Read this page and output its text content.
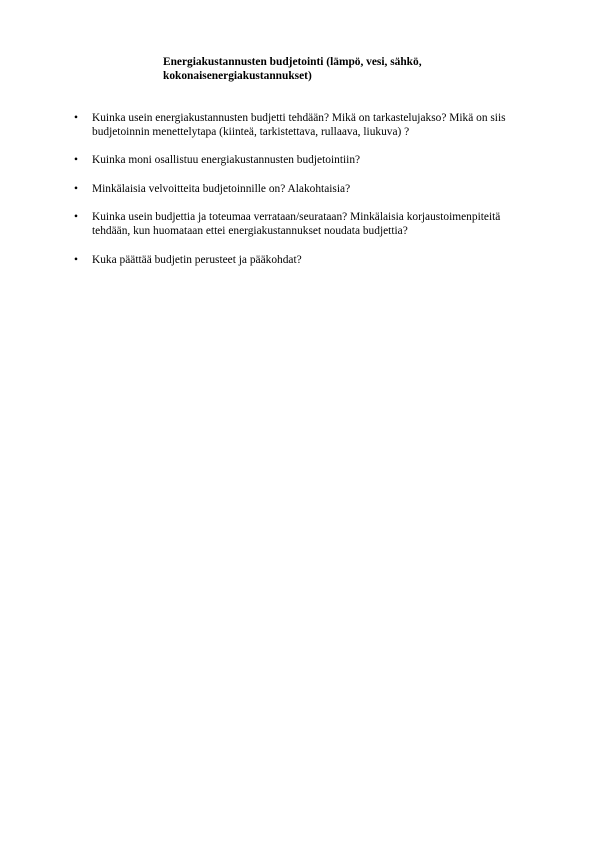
Energiakustannusten budjetointi (lämpö, vesi, sähkö,
kokonaisenergiakustannukset)
•	Kuinka usein energiakustannusten budjetti tehdään? Mikä on tarkastelujakso? Mikä on siis
budjetoinnin menettelytapa (kiinteä, tarkistettava, rullaava, liukuva) ?
•	Kuinka moni osallistuu energiakustannusten budjetointiin?
•	Minkälaisia velvoitteita budjetoinnille on? Alakohtaisia?
•	Kuinka usein budjettia ja toteumaa verrataan/seurataan? Minkälaisia korjaustoimenpiteitä
tehdään, kun huomataan ettei energiakustannukset noudata budjettia?
•	Kuka päättää budjetin perusteet ja pääkohdat?
